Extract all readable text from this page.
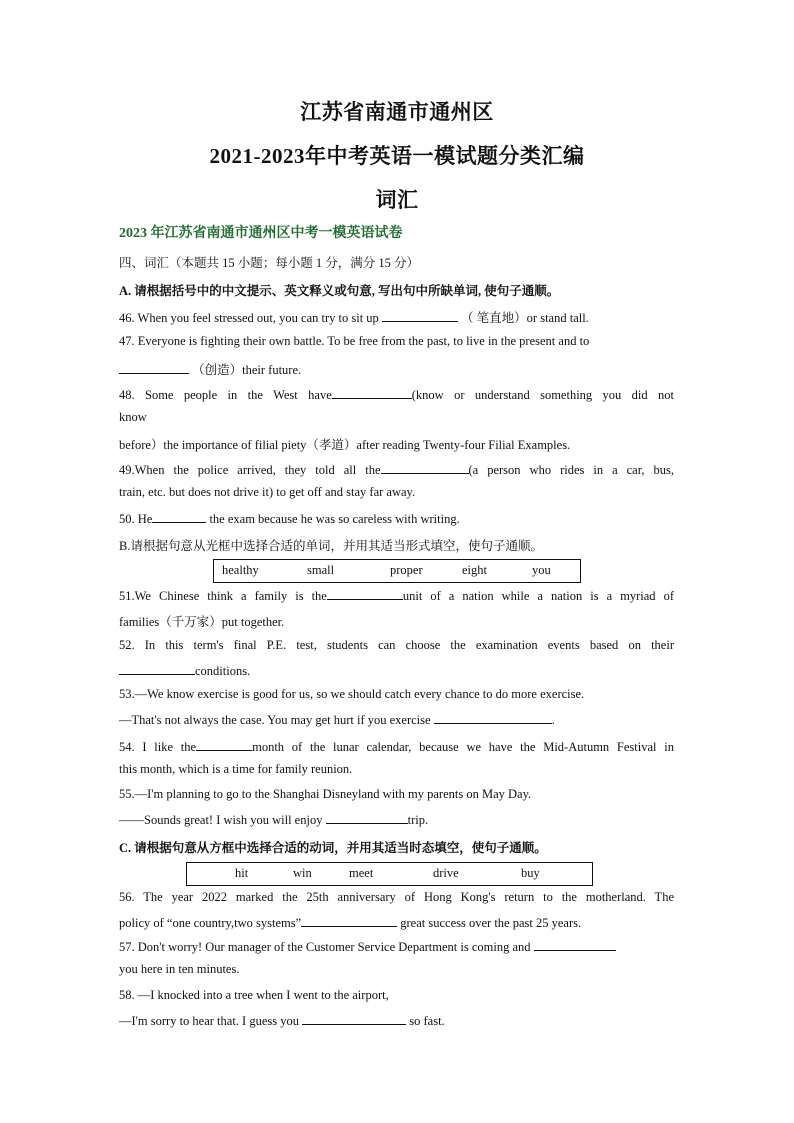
江苏省南通市通州区
2021-2023年中考英语一模试题分类汇编
词汇
2023 年江苏省南通市通州区中考一模英语试卷
四、词汇（本题共 15 小题；每小题 1 分，满分 15 分）
A. 请根据括号中的中文提示、英文释义或句意, 写出句中所缺单词, 使句子通顺。
46. When you feel stressed out, you can try to sit up	（ 笔直地）or stand tall.
47. Everyone is fighting their own battle. To be free from the past, to live in the present and to
（创造）their future.
48. Some people in the West have	(know or understand something you did not
know
before）the importance of filial piety（孝道）after reading Twenty-four Filial Examples.
49.When the police arrived, they told all the	(a person who rides in a car, bus,
train, etc. but does not drive it) to get off and stay far away.
50. He	the exam because he was so careless with writing.
B.请根据句意从光框中选择合适的单词，并用其适当形式填空，使句子通顺。
healthy	small	proper	eight	you
51.We Chinese think a family is the	unit of a nation while a nation is a myriad of
families（千万家）put together.
52. In this term's final P.E. test, students can choose the examination events based on their
conditions.
53.—We know exercise is good for us, so we should catch every chance to do more exercise.
—That's not always the case. You may get hurt if you exercise	.
54. I like the	month of the lunar calendar, because we have the Mid-Autumn Festival in
this month, which is a time for family reunion.
55.—I'm planning to go to the Shanghai Disneyland with my parents on May Day.
——Sounds great! I wish you will enjoy	trip.
C. 请根据句意从方框中选择合适的动词，并用其适当时态填空，使句子通顺。
hit	win	meet	drive	buy
56. The year 2022 marked the 25th anniversary of Hong Kong's return to the motherland. The
policy of “one country,two systems”	great success over the past 25 years.
57. Don't worry! Our manager of the Customer Service Department is coming and
you here in ten minutes.
58. —I knocked into a tree when I went to the airport,
—I'm sorry to hear that. I guess you	so fast.
